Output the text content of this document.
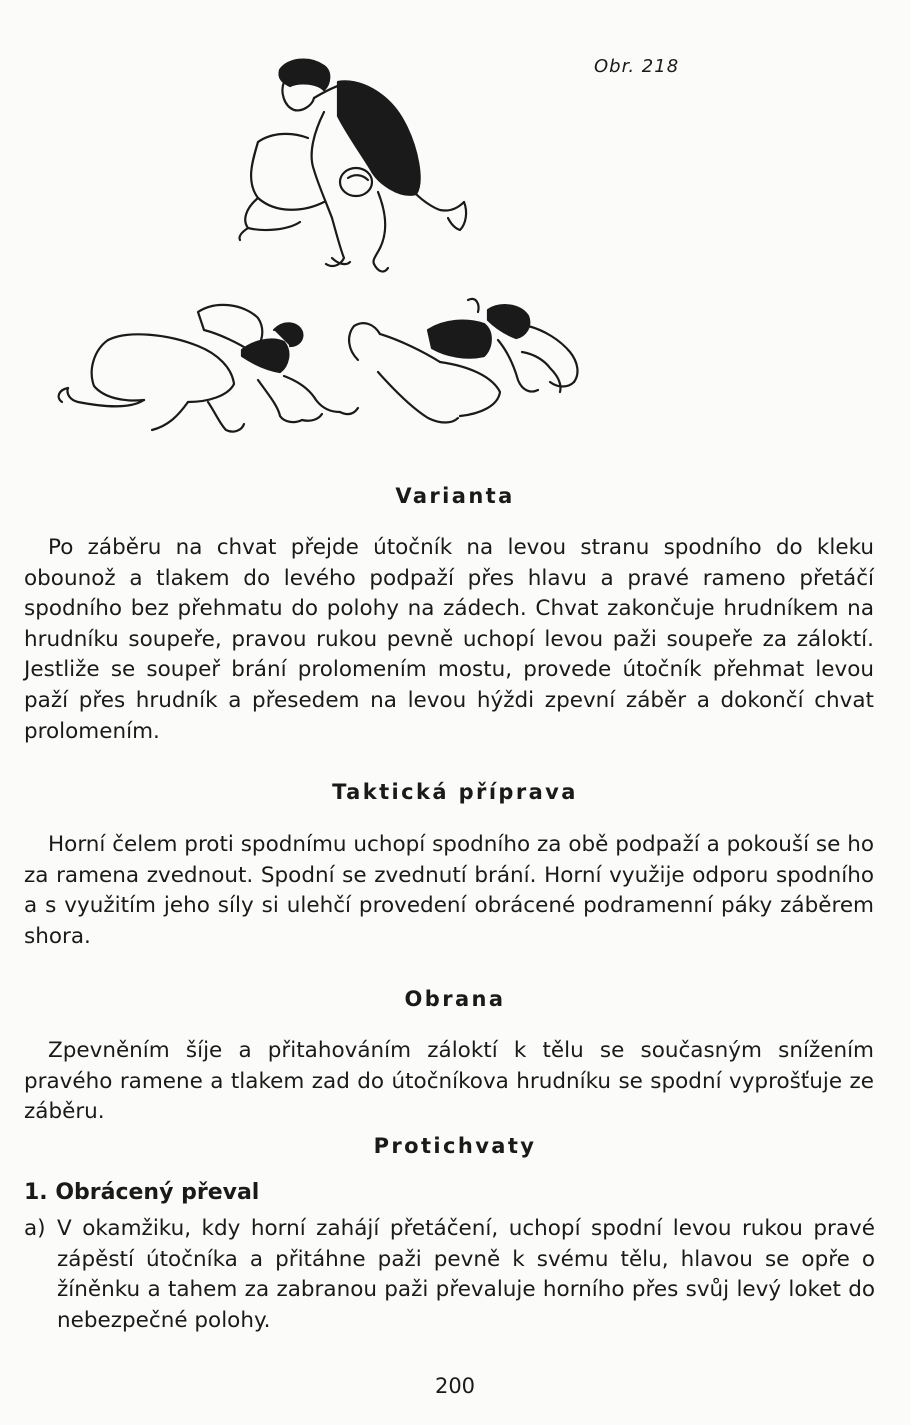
Obr. 218
Varianta
Po záběru na chvat přejde útočník na levou stranu spodního do kleku obounož a tlakem do levého podpaží přes hlavu a pravé rameno přetáčí spodního bez přehmatu do polohy na zádech. Chvat zakončuje hrudníkem na hrudníku soupeře, pravou rukou pevně uchopí levou paži soupeře za záloktí. Jestliže se soupeř brání prolomením mostu, provede útočník přehmat levou paží přes hrudník a přesedem na levou hýždi zpevní záběr a dokončí chvat prolomením.
Taktická příprava
Horní čelem proti spodnímu uchopí spodního za obě podpaží a pokouší se ho za ramena zvednout. Spodní se zvednutí brání. Horní využije odporu spodního a s využitím jeho síly si ulehčí provedení obrácené podramenní páky záběrem shora.
Obrana
Zpevněním šíje a přitahováním záloktí k tělu se současným snížením pravého ramene a tlakem zad do útočníkova hrudníku se spodní vyprošťuje ze záběru.
Protichvaty
1. Obrácený převal
a) V okamžiku, kdy horní zahájí přetáčení, uchopí spodní levou rukou pravé zápěstí útočníka a přitáhne paži pevně k svému tělu, hlavou se opře o žíněnku a tahem za zabranou paži převaluje horního přes svůj levý loket do nebezpečné polohy.
200
